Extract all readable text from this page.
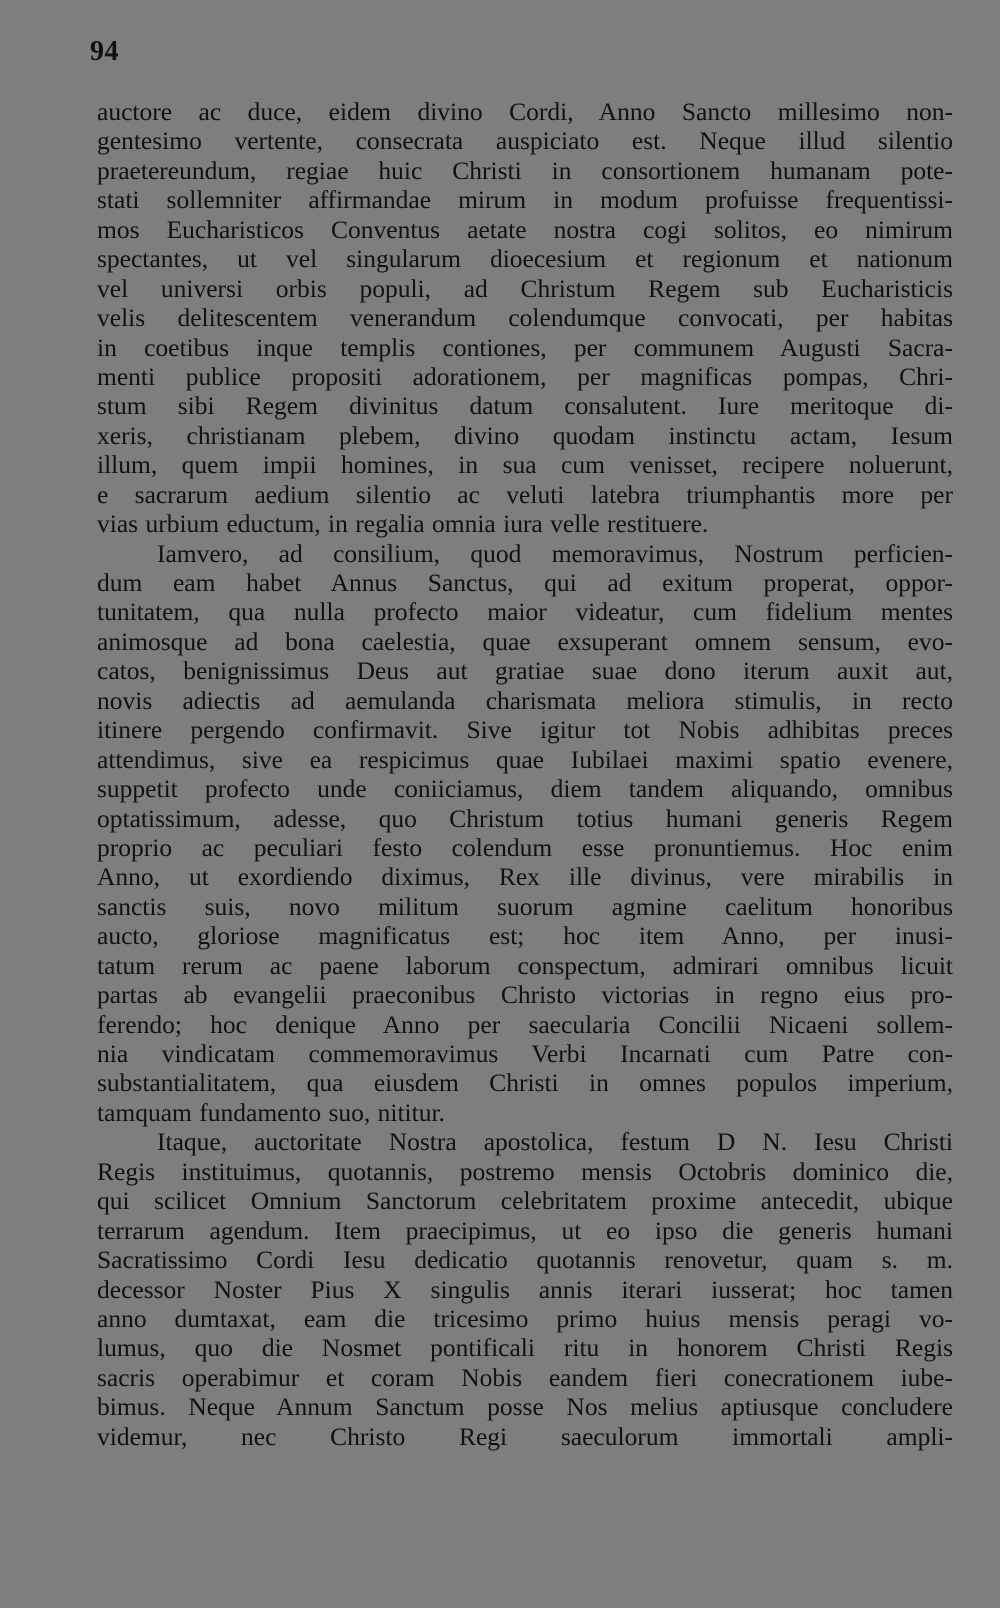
94
auctore ac duce, eidem divino Cordi, Anno Sancto millesimo non-
gentesimo vertente, consecrata auspiciato est. Neque illud silentio
praetereundum, regiae huic Christi in consortionem humanam pote-
stati sollemniter affirmandae mirum in modum profuisse frequentissi-
mos Eucharisticos Conventus aetate nostra cogi solitos, eo nimirum
spectantes, ut vel singularum dioecesium et regionum et nationum
vel universi orbis populi, ad Christum Regem sub Eucharisticis
velis delitescentem venerandum colendumque convocati, per habitas
in coetibus inque templis contiones, per communem Augusti Sacra-
menti publice propositi adorationem, per magnificas pompas, Chri-
stum sibi Regem divinitus datum consalutent. Iure meritoque di-
xeris, christianam plebem, divino quodam instinctu actam, Iesum
illum, quem impii homines, in sua cum venisset, recipere noluerunt,
e sacrarum aedium silentio ac veluti latebra triumphantis more per
vias urbium eductum, in regalia omnia iura velle restituere.
Iamvero, ad consilium, quod memoravimus, Nostrum perficien-
dum eam habet Annus Sanctus, qui ad exitum properat, oppor-
tunitatem, qua nulla profecto maior videatur, cum fidelium mentes
animosque ad bona caelestia, quae exsuperant omnem sensum, evo-
catos, benignissimus Deus aut gratiae suae dono iterum auxit aut,
novis adiectis ad aemulanda charismata meliora stimulis, in recto
itinere pergendo confirmavit. Sive igitur tot Nobis adhibitas preces
attendimus, sive ea respicimus quae Iubilaei maximi spatio evenere,
suppetit profecto unde coniiciamus, diem tandem aliquando, omnibus
optatissimum, adesse, quo Christum totius humani generis Regem
proprio ac peculiari festo colendum esse pronuntiemus. Hoc enim
Anno, ut exordiendo diximus, Rex ille divinus, vere mirabilis in
sanctis suis, novo militum suorum agmine caelitum honoribus
aucto, gloriose magnificatus est; hoc item Anno, per inusi-
tatum rerum ac paene laborum conspectum, admirari omnibus licuit
partas ab evangelii praeconibus Christo victorias in regno eius pro-
ferendo; hoc denique Anno per saecularia Concilii Nicaeni sollem-
nia vindicatam commemoravimus Verbi Incarnati cum Patre con-
substantialitatem, qua eiusdem Christi in omnes populos imperium,
tamquam fundamento suo, nititur.
Itaque, auctoritate Nostra apostolica, festum D N. Iesu Christi
Regis instituimus, quotannis, postremo mensis Octobris dominico die,
qui scilicet Omnium Sanctorum celebritatem proxime antecedit, ubique
terrarum agendum. Item praecipimus, ut eo ipso die generis humani
Sacratissimo Cordi Iesu dedicatio quotannis renovetur, quam s. m.
decessor Noster Pius X singulis annis iterari iusserat; hoc tamen
anno dumtaxat, eam die tricesimo primo huius mensis peragi vo-
lumus, quo die Nosmet pontificali ritu in honorem Christi Regis
sacris operabimur et coram Nobis eandem fieri conecrationem iube-
bimus. Neque Annum Sanctum posse Nos melius aptiusque concludere
videmur, nec Christo Regi saeculorum immortali ampli-
